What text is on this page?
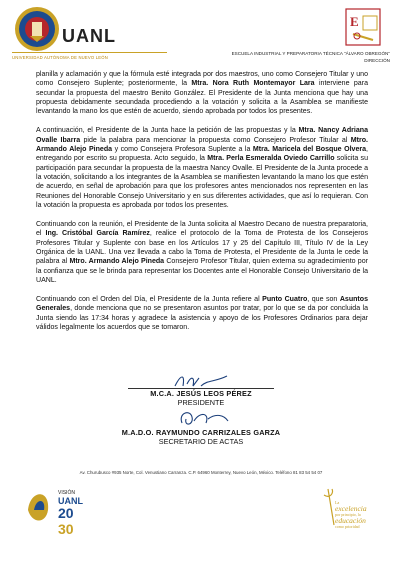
UANL
UNIVERSIDAD AUTÓNOMA DE NUEVO LEÓN
E
ESCUELA INDUSTRIAL Y PREPARATORIA TÉCNICA "ÁLVARO OBREGÓN"
DIRECCIÓN

planilla y aclamación y que la fórmula esté integrada por dos maestros, uno como Consejero Titular y uno como Consejero Suplente; posteriormente, la Mtra. Nora Ruth Montemayor Lara interviene para secundar la propuesta del maestro Benito González. El Presidente de la Junta menciona que hay una propuesta debidamente secundada procediendo a la votación y solicita a la Asamblea se manifieste levantando la mano los que estén de acuerdo, siendo aprobada por todos los presentes.

A continuación, el Presidente de la Junta hace la petición de las propuestas y la Mtra. Nancy Adriana Ovalle Ibarra pide la palabra para mencionar la propuesta como Consejero Profesor Titular al Mtro. Armando Alejo Pineda y como Consejera Profesora Suplente a la Mtra. Maricela del Bosque Olvera, entregando por escrito su propuesta. Acto seguido, la Mtra. Perla Esmeralda Oviedo Carrillo solicita su participación para secundar la propuesta de la maestra Nancy Ovalle. El Presidente de la Junta procede a la votación, solicitando a los integrantes de la Asamblea se manifiesten levantando la mano los que estén de acuerdo, en señal de aprobación para que los profesores antes mencionados nos representen en las Reuniones del Honorable Consejo Universitario y en sus diferentes actividades, que así lo requieran. Con la votación la propuesta es aprobada por todos los presentes.

Continuando con la reunión, el Presidente de la Junta solicita al Maestro Decano de nuestra preparatoria, el Ing. Cristóbal García Ramírez, realice el protocolo de la Toma de Protesta de los Consejeros Profesores Titular y Suplente con base en los Artículos 17 y 25 del Capítulo III, Título IV de la Ley Orgánica de la UANL. Una vez llevada a cabo la Toma de Protesta, el Presidente de la Junta le cede la palabra al Mtro. Armando Alejo Pineda Consejero Profesor Titular, quien externa su agradecimiento por la confianza que se le brinda para representar los Docentes ante el Honorable Consejo Universitario de la UANL.

Continuando con el Orden del Día, el Presidente de la Junta refiere al Punto Cuatro, que son Asuntos Generales, donde menciona que no se presentaron asuntos por tratar, por lo que se da por concluida la Junta siendo las 17:34 horas y agradece la asistencia y apoyo de los Profesores Ordinarios para dejar válidos legalmente los acuerdos que se tomaron.

M.C.A. JESÚS LEOS PÉREZ
PRESIDENTE
M.A.D.O. RAYMUNDO CARRIZALES GARZA
SECRETARIO DE ACTAS
Av. Churubusco #935 Norte, Col. Venustiano Carranza. C.P. 64960 Monterrey, Nuevo León, México. Teléfono 81 83 54 54 07
VISIÓN
UANL
20
30
La
excelencia
por principio, la
educación
como prioridad
